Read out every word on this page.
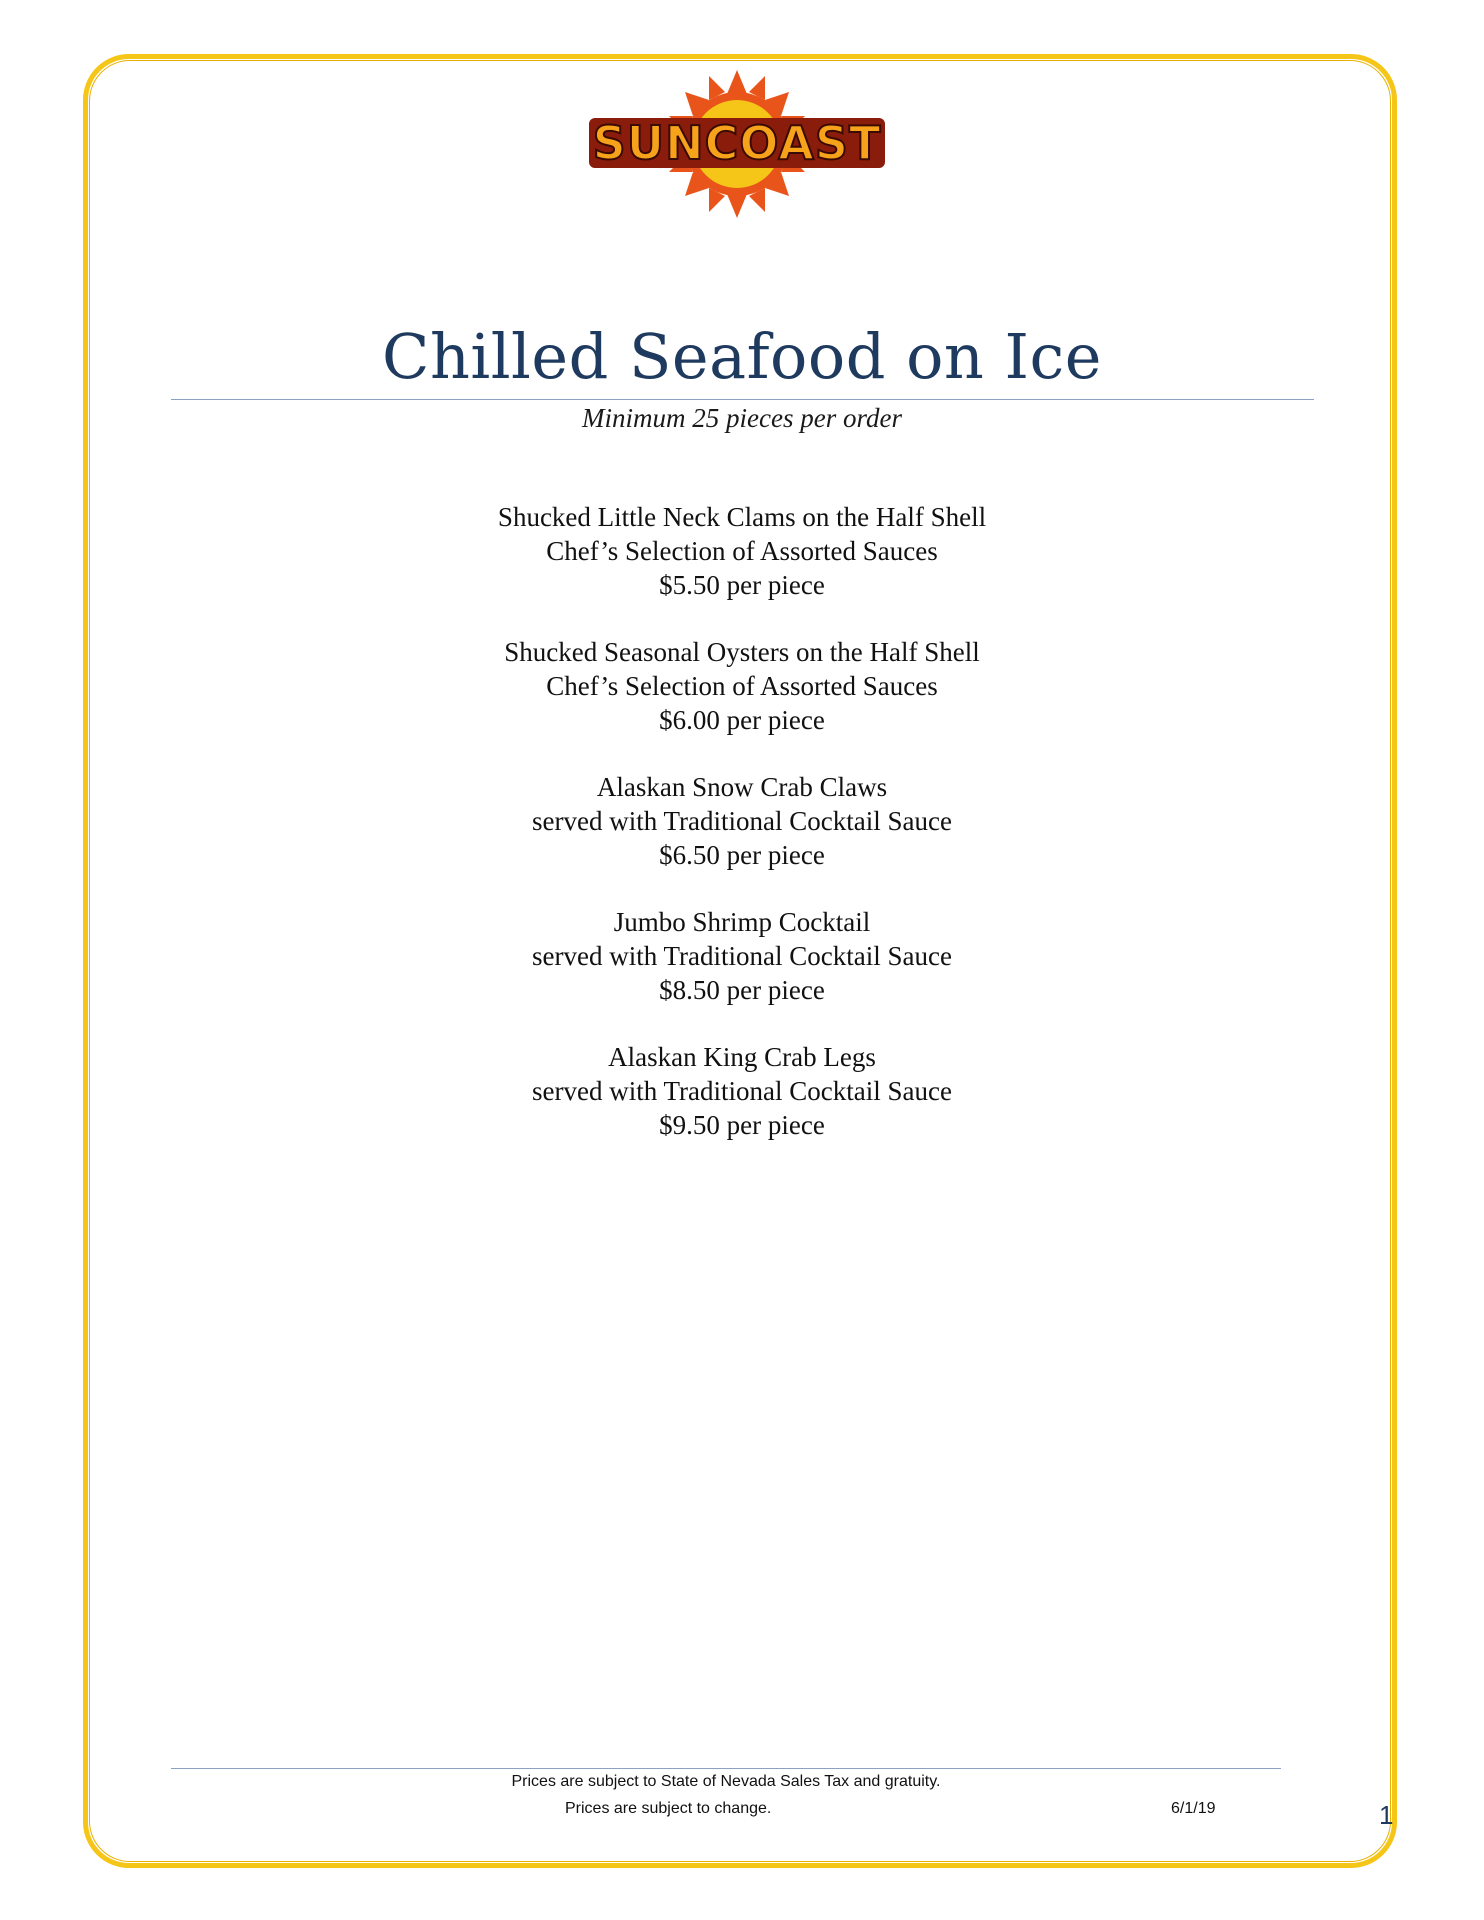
SUNCOAST
Chilled Seafood on Ice
Minimum 25 pieces per order
Shucked Little Neck Clams on the Half Shell
Chef’s Selection of Assorted Sauces
$5.50 per piece
Shucked Seasonal Oysters on the Half Shell
Chef’s Selection of Assorted Sauces
$6.00 per piece
Alaskan Snow Crab Claws
served with Traditional Cocktail Sauce
$6.50 per piece
Jumbo Shrimp Cocktail
served with Traditional Cocktail Sauce
$8.50 per piece
Alaskan King Crab Legs
served with Traditional Cocktail Sauce
$9.50 per piece
Prices are subject to State of Nevada Sales Tax and gratuity.
Prices are subject to change.	6/1/19	1
